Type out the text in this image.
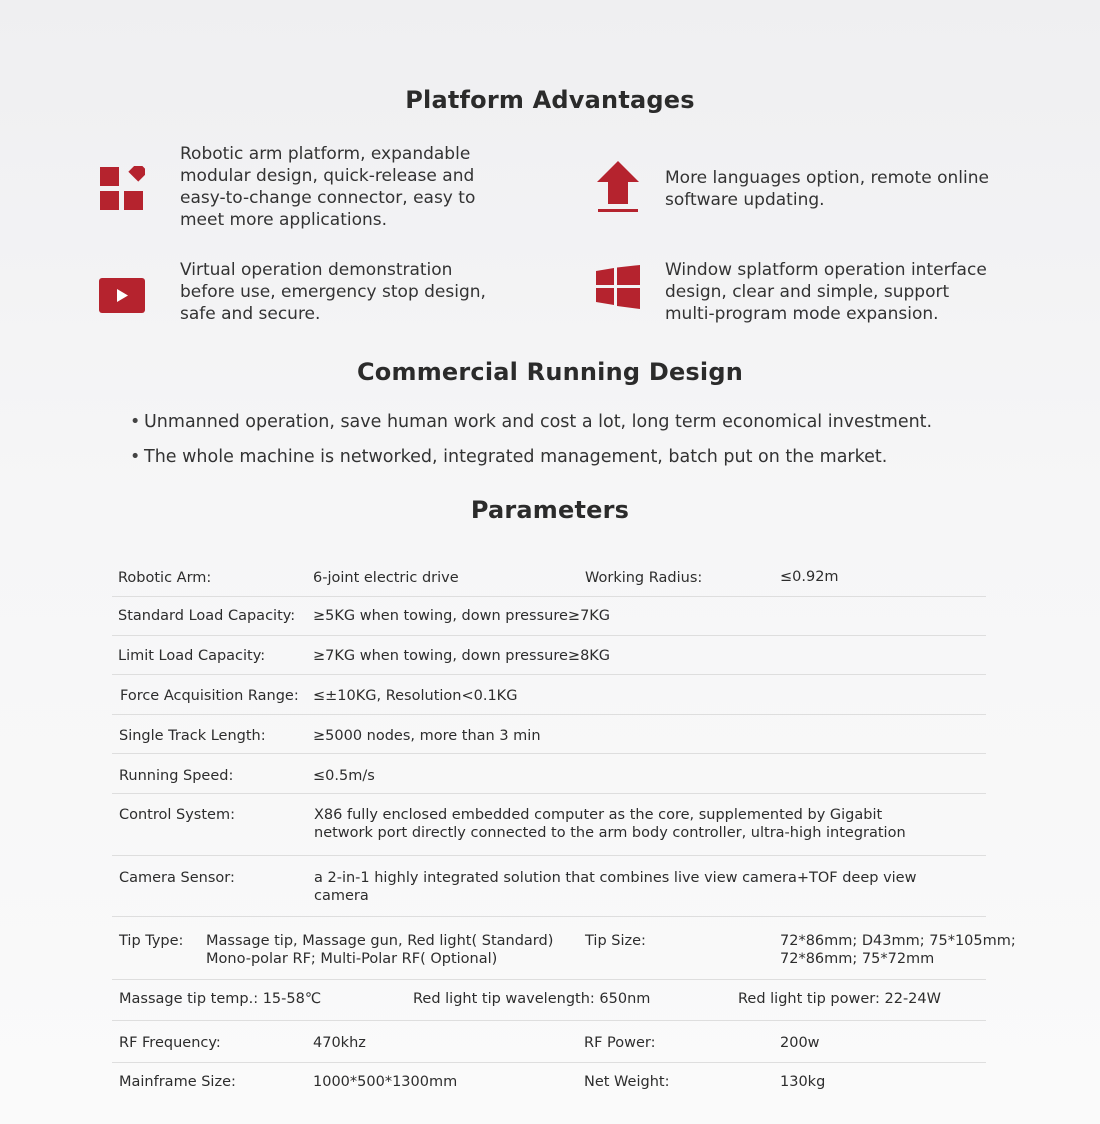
Platform Advantages
Robotic arm platform, expandable
modular design, quick-release and
easy-to-change connector, easy to
meet more applications.
More languages option, remote online
software updating.
Virtual operation demonstration
before use, emergency stop design,
safe and secure.
Window splatform operation interface
design, clear and simple, support
multi-program mode expansion.
Commercial Running Design
• Unmanned operation, save human work and cost a lot, long term economical investment.
• The whole machine is networked, integrated management, batch put on the market.
Parameters
Robotic Arm:	6-joint electric drive	Working Radius:	≤0.92m
Standard Load Capacity: ≥5KG when towing, down pressure≥7KG
Limit Load Capacity:	≥7KG when towing, down pressure≥8KG
Force Acquisition Range: ≤±10KG, Resolution<0.1KG
Single Track Length:	≥5000 nodes, more than 3 min
Running Speed:	≤0.5m/s
Control System:	X86 fully enclosed embedded computer as the core, supplemented by Gigabit
network port directly connected to the arm body controller, ultra-high integration
Camera Sensor:	a 2-in-1 highly integrated solution that combines live view camera+TOF deep view
camera
Tip Type: Massage tip, Massage gun, Red light( Standard)
Mono-polar RF; Multi-Polar RF( Optional)
Tip Size:	72*86mm; D43mm; 75*105mm;
72*86mm; 75*72mm
Massage tip temp.: 15-58℃	Red light tip wavelength: 650nm	Red light tip power: 22-24W
RF Frequency:	470khz	RF Power:	200w
Mainframe Size:	1000*500*1300mm	Net Weight:	130kg
